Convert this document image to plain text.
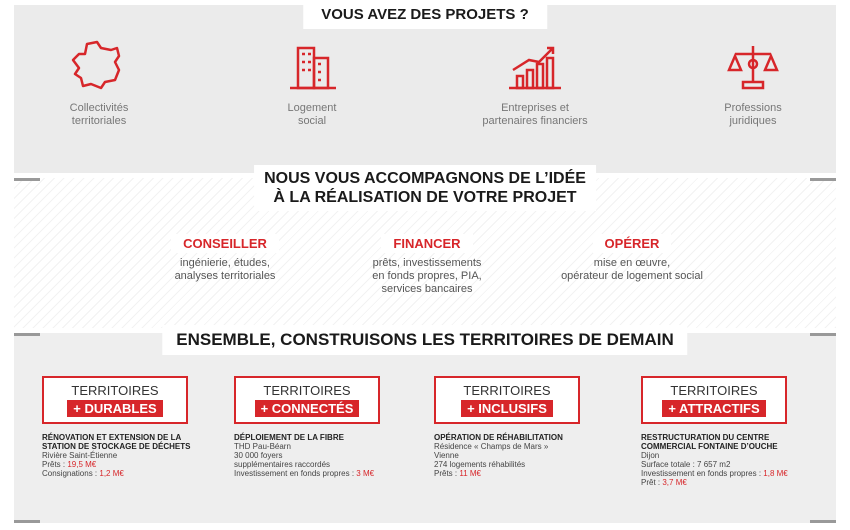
VOUS AVEZ DES PROJETS ?
Collectivités
territoriales
Logement
social
Entreprises et
partenaires financiers
Professions
juridiques
NOUS VOUS ACCOMPAGNONS DE L’IDÉE
À LA RÉALISATION DE VOTRE PROJET
CONSEILLER
ingénierie, études,
analyses territoriales
FINANCER
prêts, investissements
en fonds propres, PIA,
services bancaires
OPÉRER
mise en œuvre,
opérateur de logement social
ENSEMBLE, CONSTRUISONS LES TERRITOIRES DE DEMAIN
TERRITOIRES
+ DURABLES
RÉNOVATION ET EXTENSION DE LA STATION DE STOCKAGE DE DÉCHETS
Rivière Saint-Étienne
Prêts : 19,5 M€
Consignations : 1,2 M€
TERRITOIRES
+ CONNECTÉS
DÉPLOIEMENT DE LA FIBRE
THD Pau-Béarn
30 000 foyers
supplémentaires raccordés
Investissement en fonds propres : 3 M€
TERRITOIRES
+ INCLUSIFS
OPÉRATION DE RÉHABILITATION
Résidence « Champs de Mars »
Vienne
274 logements réhabilités
Prêts : 11 M€
TERRITOIRES
+ ATTRACTIFS
RESTRUCTURATION DU CENTRE COMMERCIAL FONTAINE D’OUCHE
Dijon
Surface totale : 7 657 m2
Investissement en fonds propres : 1,8 M€
Prêt : 3,7 M€
